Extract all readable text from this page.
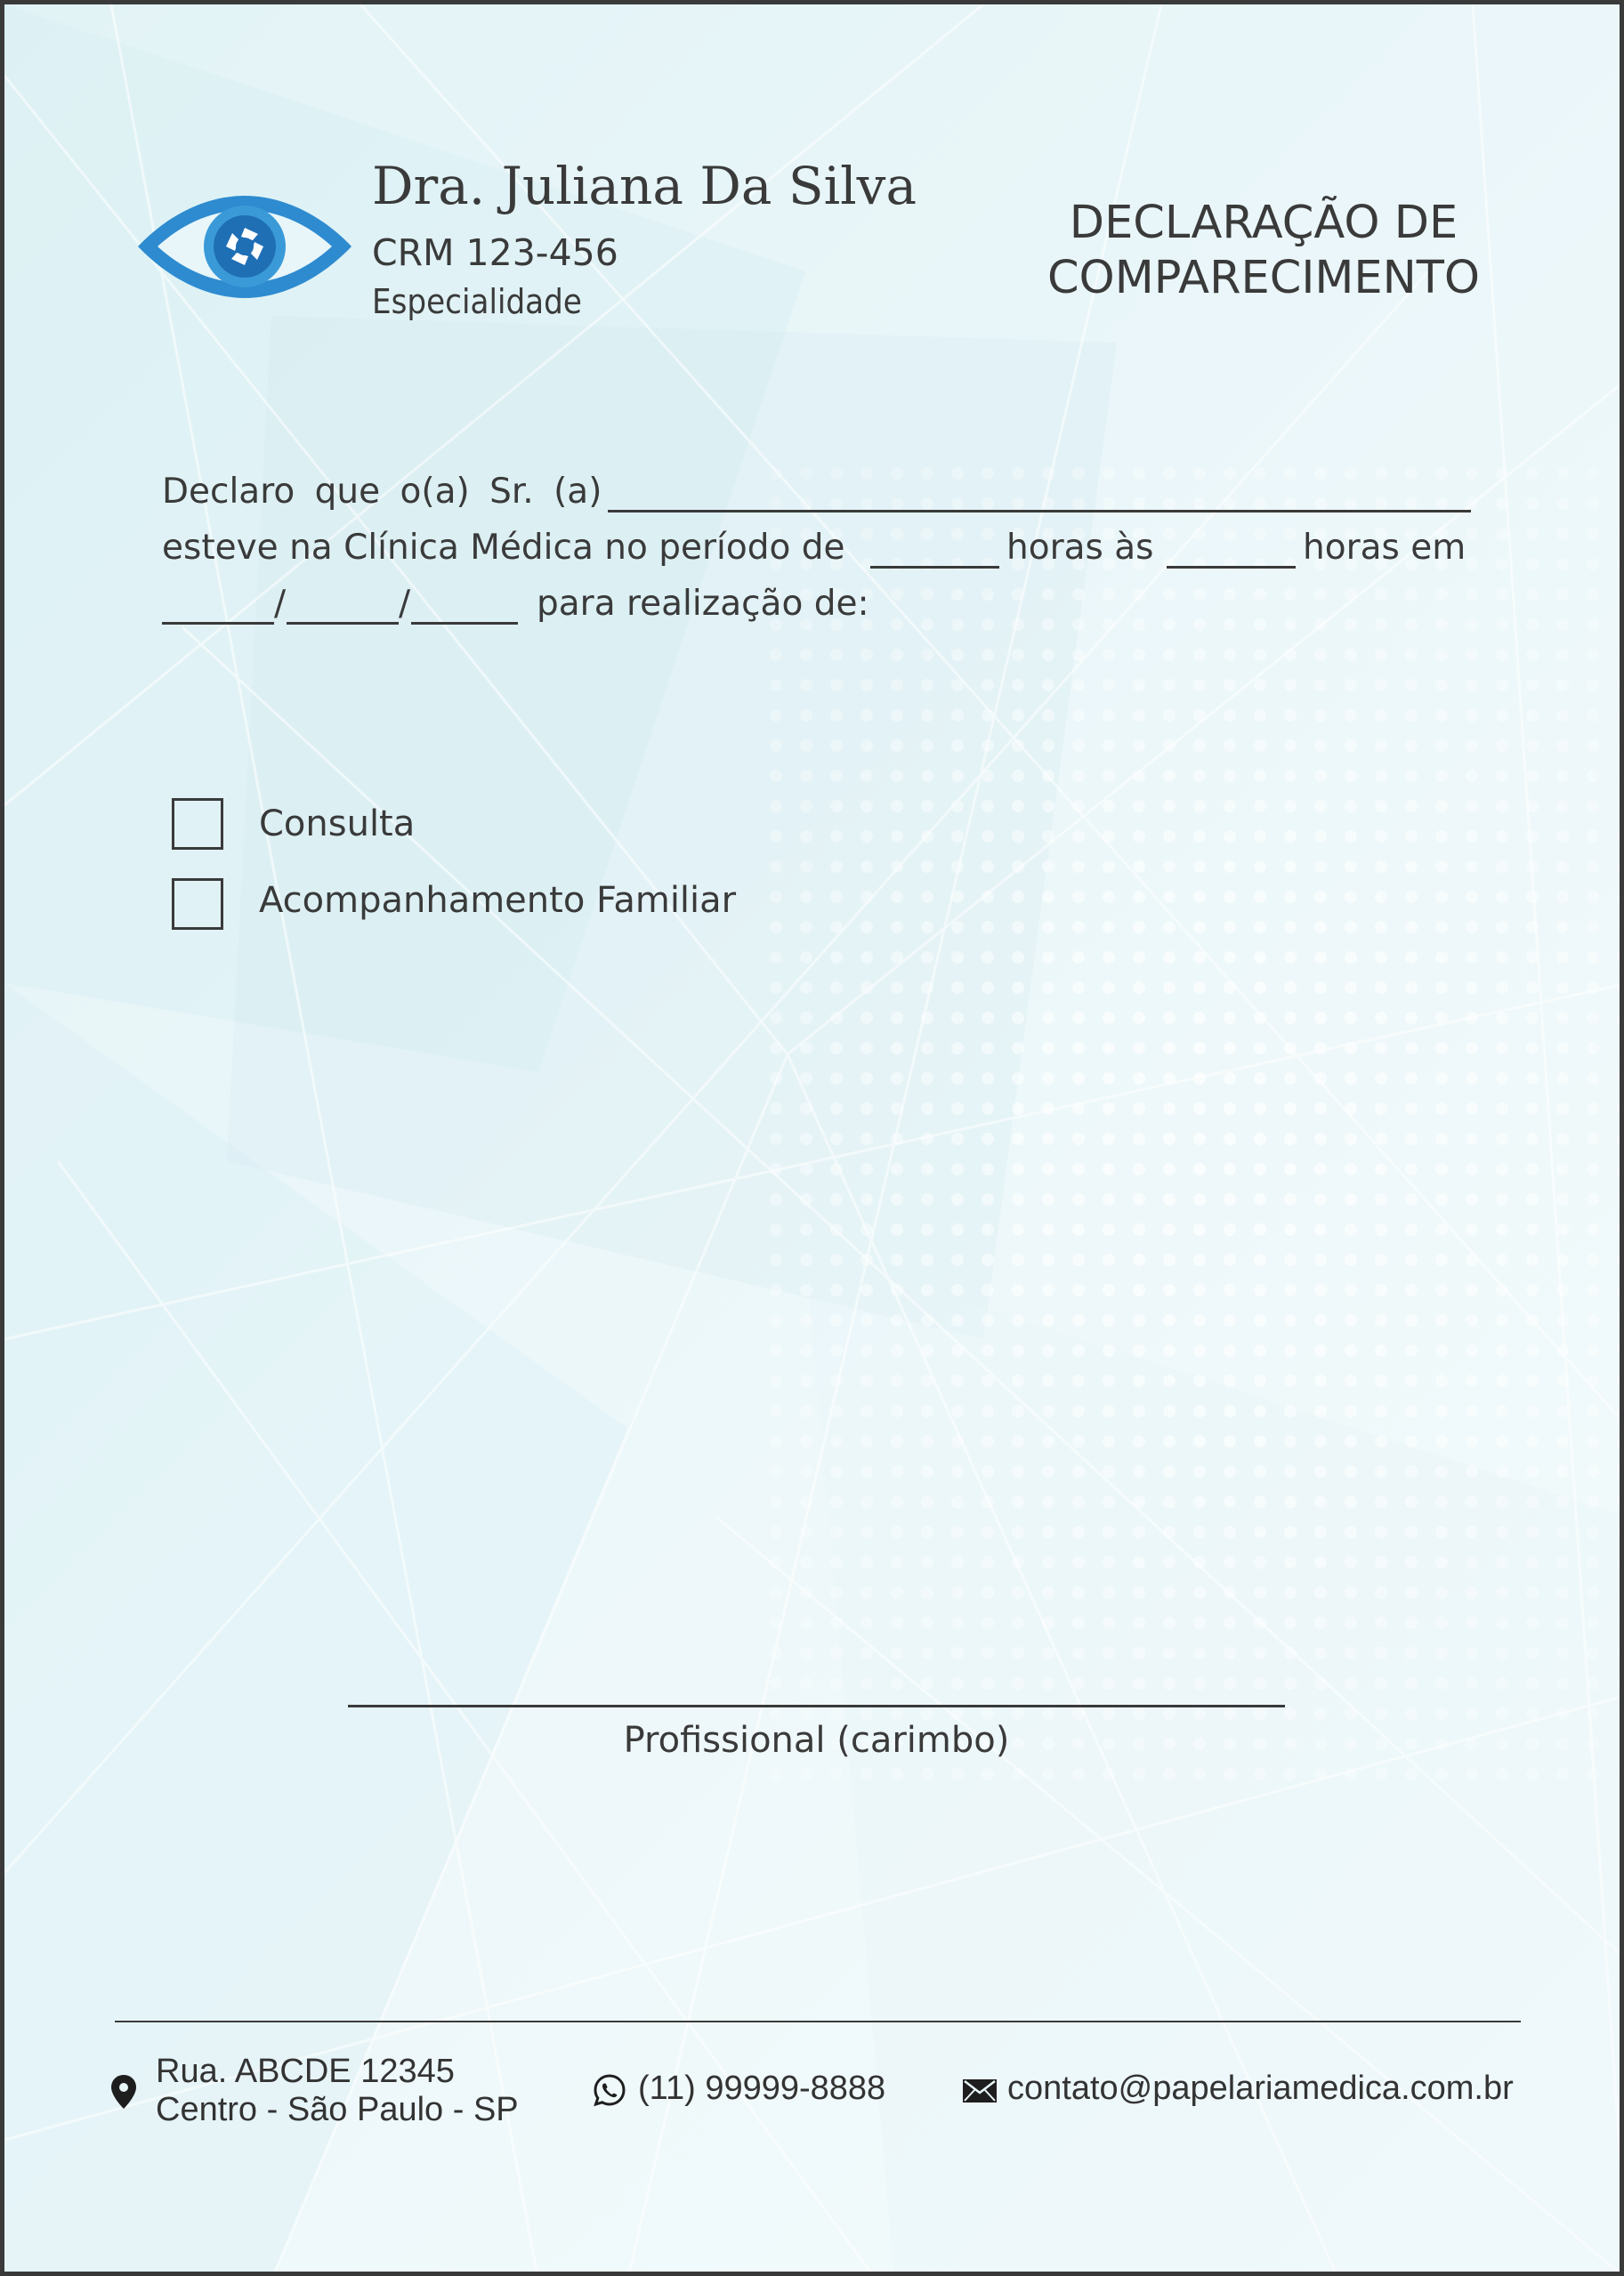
Dra. Juliana Da Silva
CRM 123-456
Especialidade
DECLARAÇÃO DE
COMPARECIMENTO
Declaro que o(a) Sr. (a)
esteve na Clínica Médica no período de	horas às	horas em
/	/	para realização de:
Consulta
Acompanhamento Familiar
Profissional (carimbo)
Rua. ABCDE 12345
Centro - São Paulo - SP
(11) 99999-8888	contato@papelariamedica.com.br
